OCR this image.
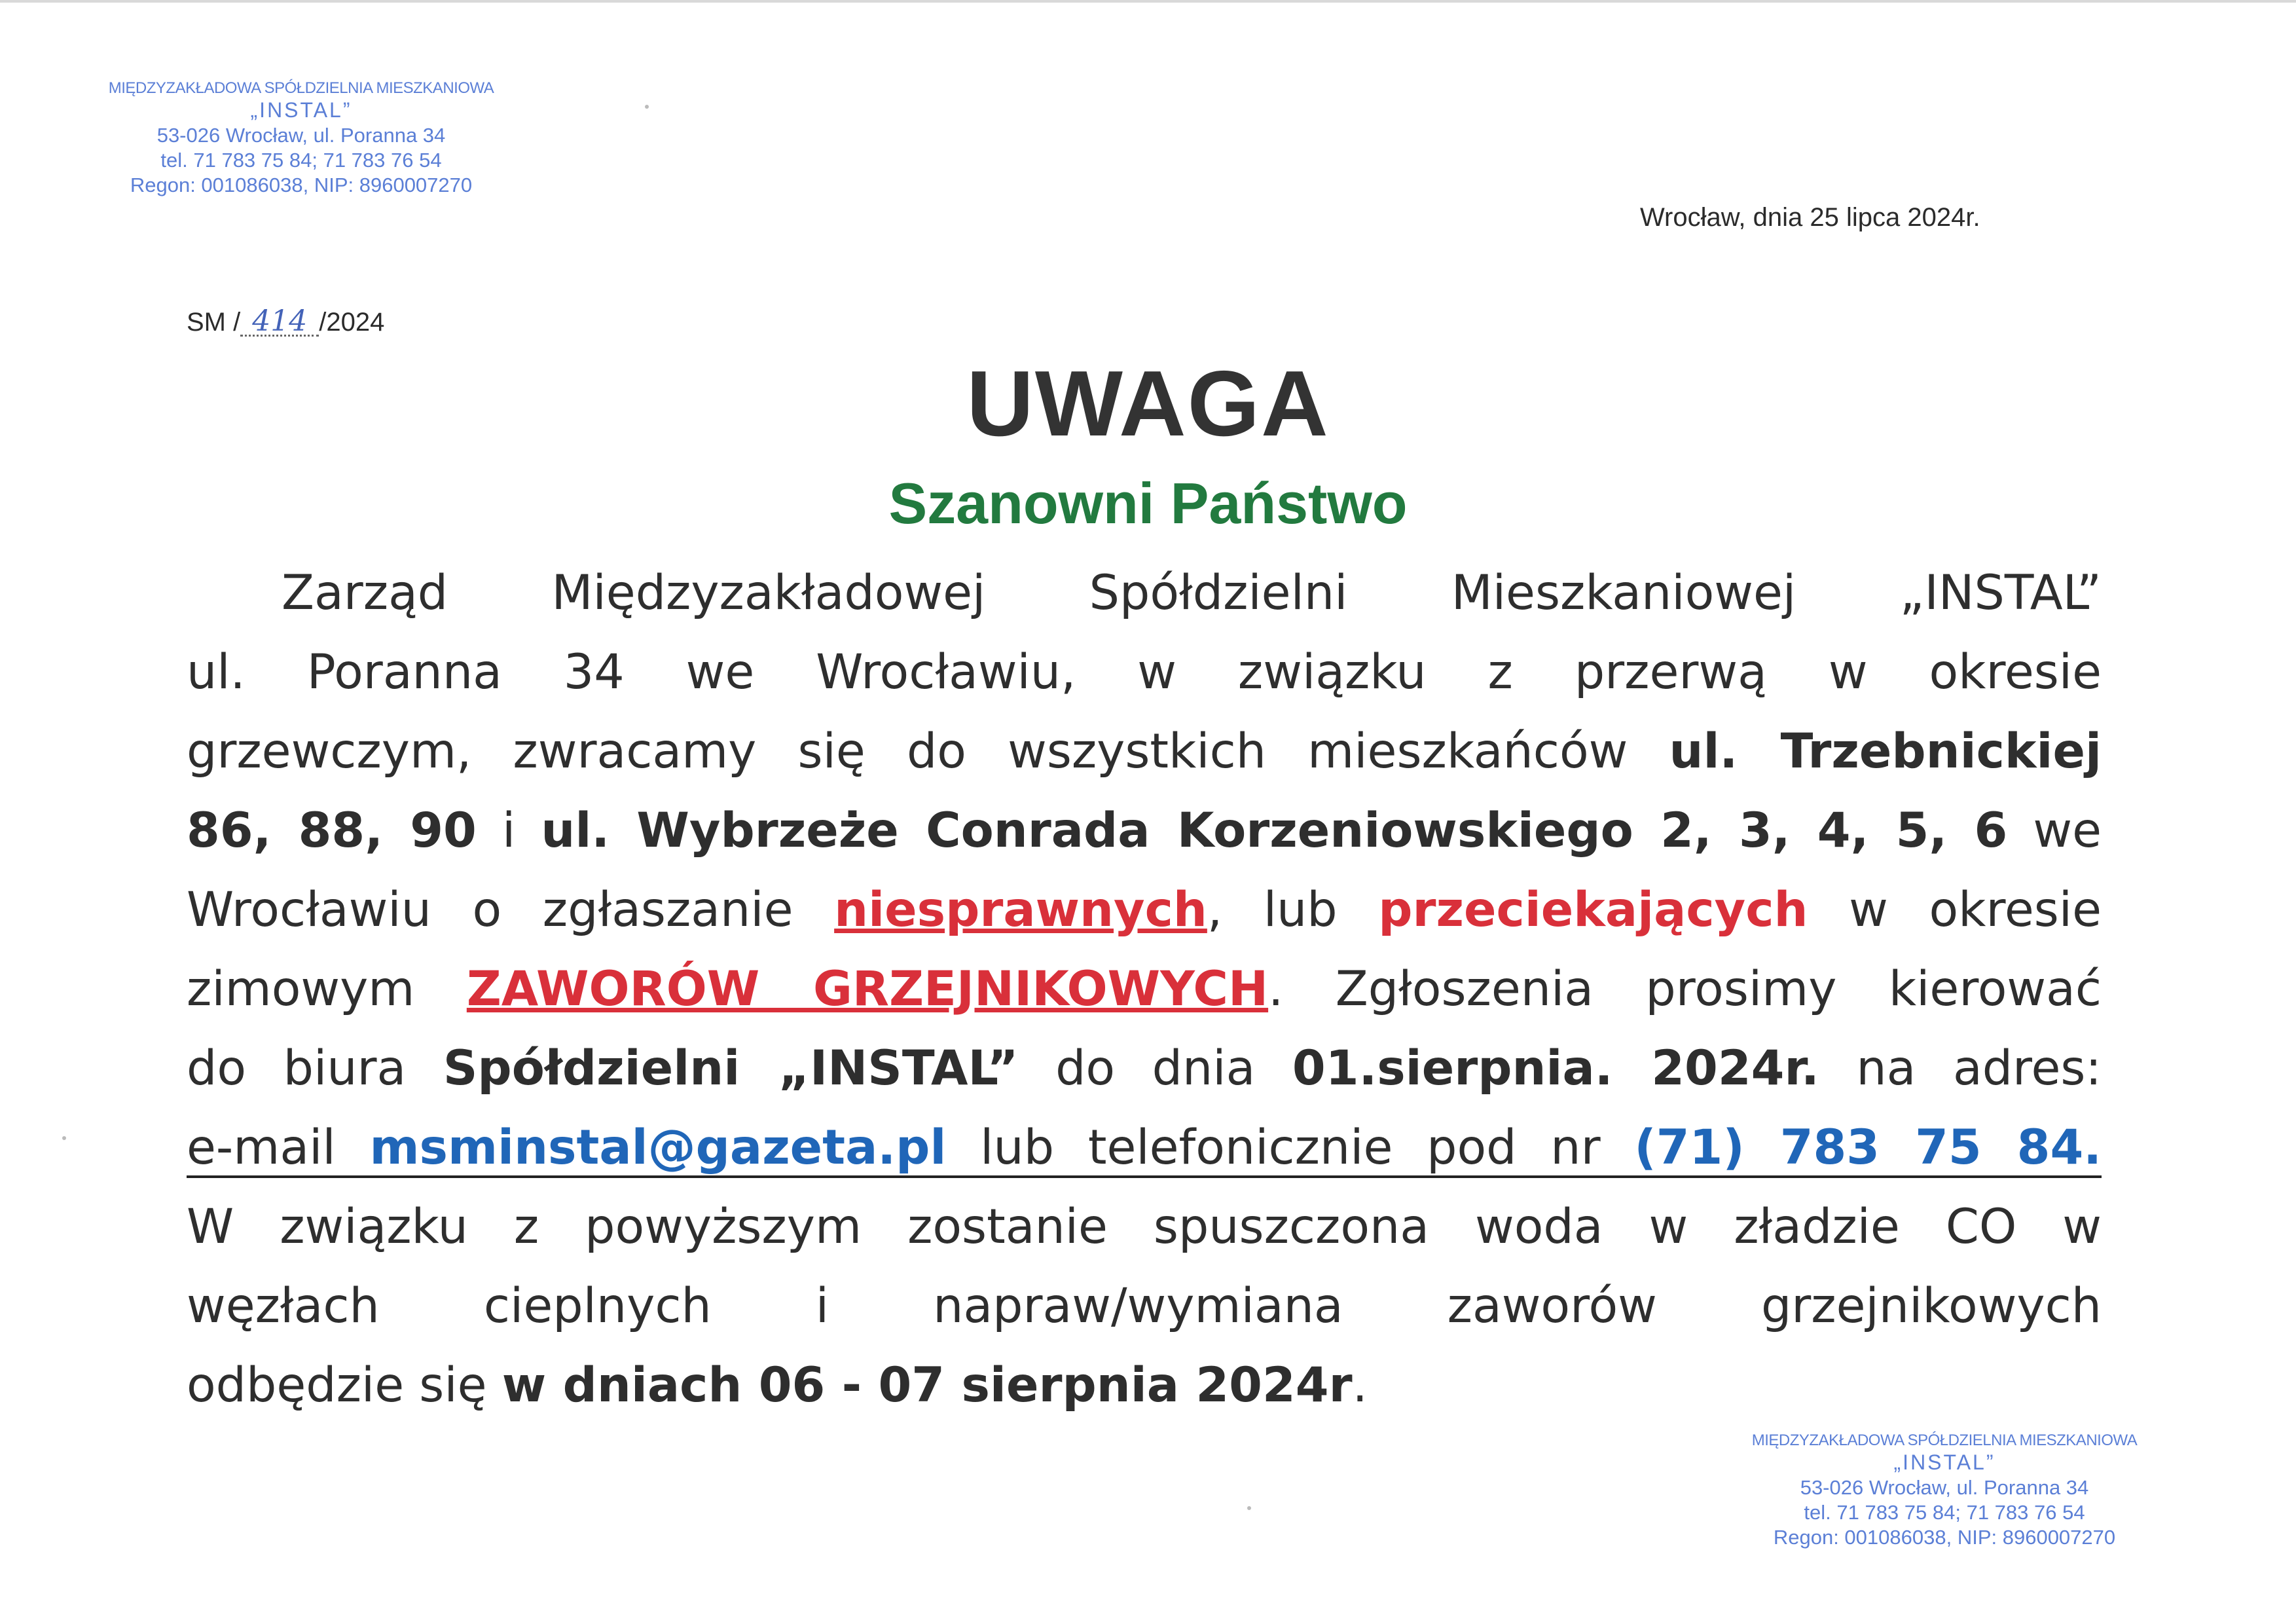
MIĘDZYZAKŁADOWA SPÓŁDZIELNIA MIESZKANIOWA
„INSTAL”
53-026 Wrocław, ul. Poranna 34
tel. 71 783 75 84; 71 783 76 54
Regon: 001086038, NIP: 8960007270
Wrocław, dnia 25 lipca 2024r.
SM / 414 /2024
UWAGA
Szanowni Państwo
Zarząd Międzyzakładowej Spółdzielni Mieszkaniowej „INSTAL”
ul. Poranna 34 we Wrocławiu, w związku z przerwą w okresie
grzewczym, zwracamy się do wszystkich mieszkańców ul. Trzebnickiej
86, 88, 90 i ul. Wybrzeże Conrada Korzeniowskiego 2, 3, 4, 5, 6 we
Wrocławiu o zgłaszanie niesprawnych, lub przeciekających w okresie
zimowym ZAWORÓW GRZEJNIKOWYCH. Zgłoszenia prosimy kierować
do biura Spółdzielni „INSTAL” do dnia 01.sierpnia. 2024r. na adres:
e-mail msminstal@gazeta.pl lub telefonicznie pod nr (71) 783 75 84.
W związku z powyższym zostanie spuszczona woda w zładzie CO w
węzłach cieplnych i napraw/wymiana zaworów grzejnikowych
odbędzie się w dniach 06 - 07 sierpnia 2024r.
MIĘDZYZAKŁADOWA SPÓŁDZIELNIA MIESZKANIOWA
„INSTAL”
53-026 Wrocław, ul. Poranna 34
tel. 71 783 75 84; 71 783 76 54
Regon: 001086038, NIP: 8960007270
